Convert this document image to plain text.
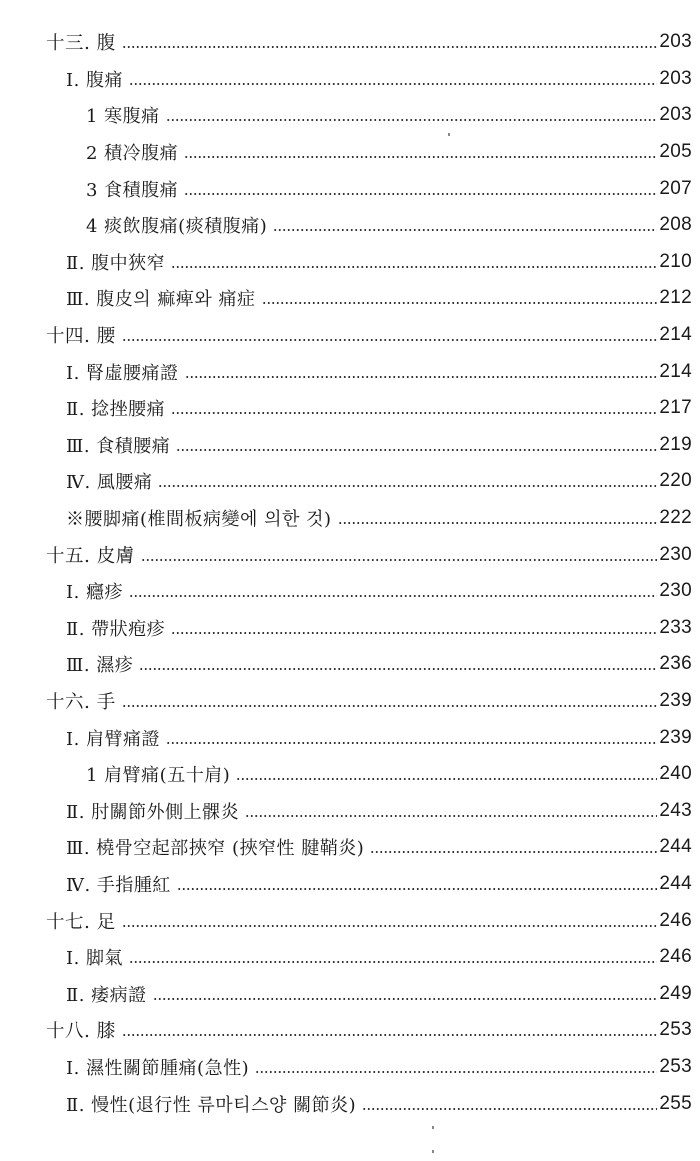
十三. 腹	203
Ⅰ. 腹痛	203
1 寒腹痛	203
2 積冷腹痛	205
3 食積腹痛	207
4 痰飲腹痛(痰積腹痛)	208
Ⅱ. 腹中狹窄	210
Ⅲ. 腹皮의 痲痺와 痛症	212
十四. 腰	214
Ⅰ. 腎虛腰痛證	214
Ⅱ. 捻挫腰痛	217
Ⅲ. 食積腰痛	219
Ⅳ. 風腰痛	220
※腰脚痛(椎間板病變에 의한 것)	222
十五. 皮膚	230
Ⅰ. 癮疹	230
Ⅱ. 帶狀疱疹	233
Ⅲ. 濕疹	236
十六. 手	239
Ⅰ. 肩臂痛證	239
1 肩臂痛(五十肩)	240
Ⅱ. 肘關節外側上髁炎	243
Ⅲ. 橈骨空起部挾窄 (挾窄性 腱鞘炎)	244
Ⅳ. 手指腫紅	244
十七. 足	246
Ⅰ. 脚氣	246
Ⅱ. 痿病證	249
十八. 膝	253
Ⅰ. 濕性關節腫痛(急性)	253
Ⅱ. 慢性(退行性 류마티스양 關節炎)	255
